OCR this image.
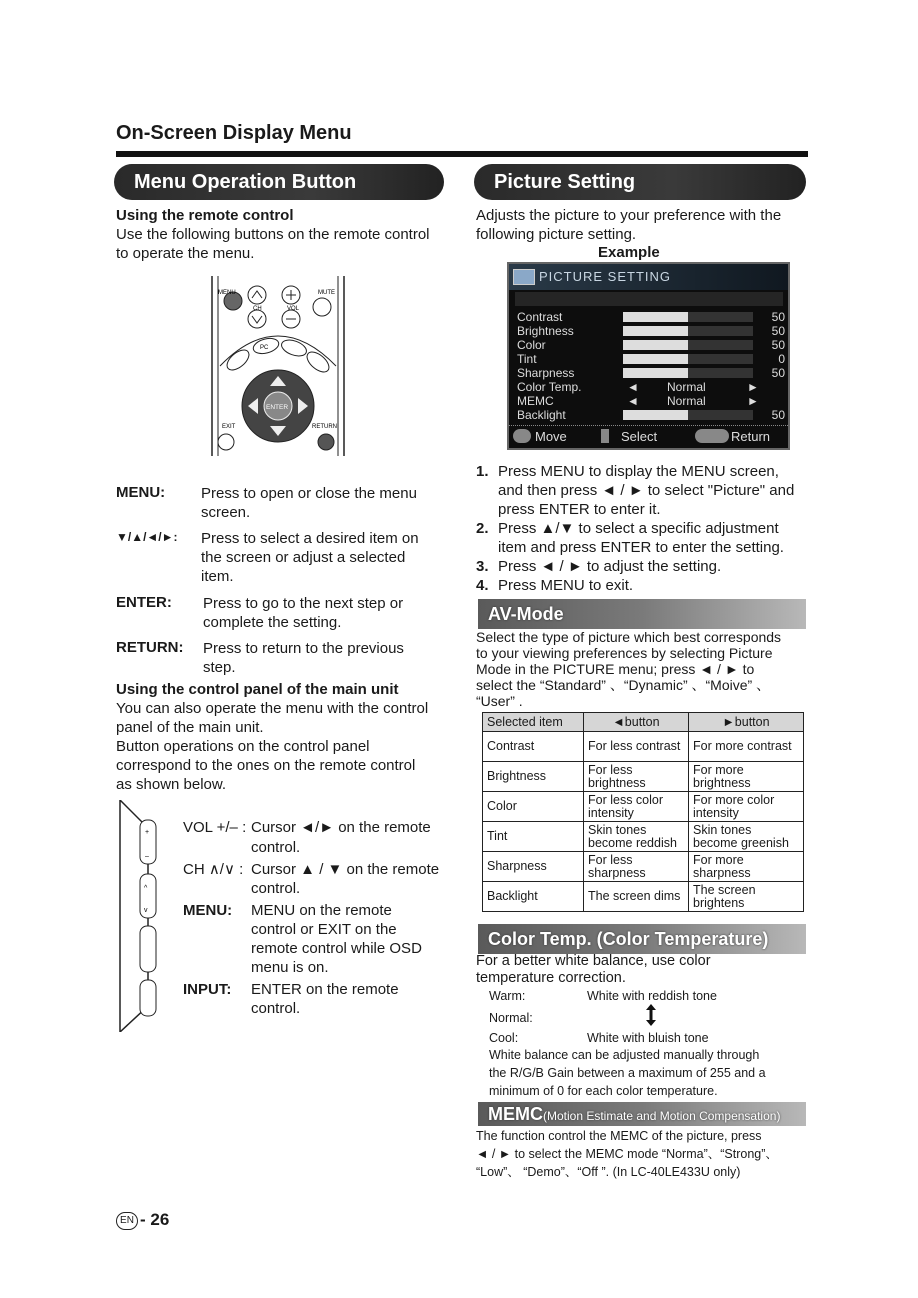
On-Screen Display Menu
Menu Operation Button
Using the remote control
Use the following buttons on the remote control
to operate the menu.
MENU
CH	VOL
MUTE
PC
ENTER
EXIT	RETURN
MENU: Press to open or close the menu
screen.
▼/▲/◄/►: Press to select a desired item on
the screen or adjust a selected
item.
ENTER: Press to go to the next step or
complete the setting.
RETURN: Press to return to the previous
step.
Using the control panel of the main unit
You can also operate the menu with the control
panel of the main unit.
Button operations on the control panel
correspond to the ones on the remote control
as shown below.
+
–
^
v
VOL +/– : Cursor ◄/► on the remote
control.
CH ∧/∨ : Cursor ▲ / ▼ on the remote
control.
MENU: MENU on the remote
control or EXIT on the
remote control while OSD
menu is on.
INPUT: ENTER on the remote
control.
Picture Setting
Adjusts the picture to your preference with the
following picture setting.
Example
PICTURE SETTING
Contrast	50
Brightness	50
Color	50
Tint	0
Sharpness	50
Color Temp.	◄ Normal	►
MEMC	◄ Normal	►
Backlight	50
Move	Select	Return
1. Press MENU to display the MENU screen,
and then press ◄ / ► to select "Picture" and
press ENTER to enter it.
2. Press ▲/▼ to select a specific adjustment
item and press ENTER to enter the setting.
3. Press ◄ / ► to adjust the setting.
4. Press MENU to exit.
AV-Mode
Select the type of picture which best corresponds
to your viewing preferences by selecting Picture
Mode in the PICTURE menu; press ◄ / ► to
select the “Standard” 、“Dynamic” 、“Moive” 、
“User” .
Selected item	◄button	►button
Contrast	For less contrast	For more contrast
Brightness	For less brightness	For more brightness
Color	For less color intensity	For more color intensity
Tint	Skin tones become reddish	Skin tones become greenish
Sharpness	For less sharpness	For more sharpness
Backlight	The screen dims	The screen brightens
Color Temp. (Color Temperature)
For a better white balance, use color
temperature correction.
Warm:	White with reddish tone
Normal:
Cool:	White with bluish tone
White balance can be adjusted manually through
the R/G/B Gain between a maximum of 255 and a
minimum of 0 for each color temperature.
MEMC(Motion Estimate and Motion Compensation)
The function control the MEMC of the picture, press
◄ / ► to select the MEMC mode “Norma”、“Strong”、
“Low”、 “Demo”、“Off ”. (In LC-40LE433U only)
EN - 26
